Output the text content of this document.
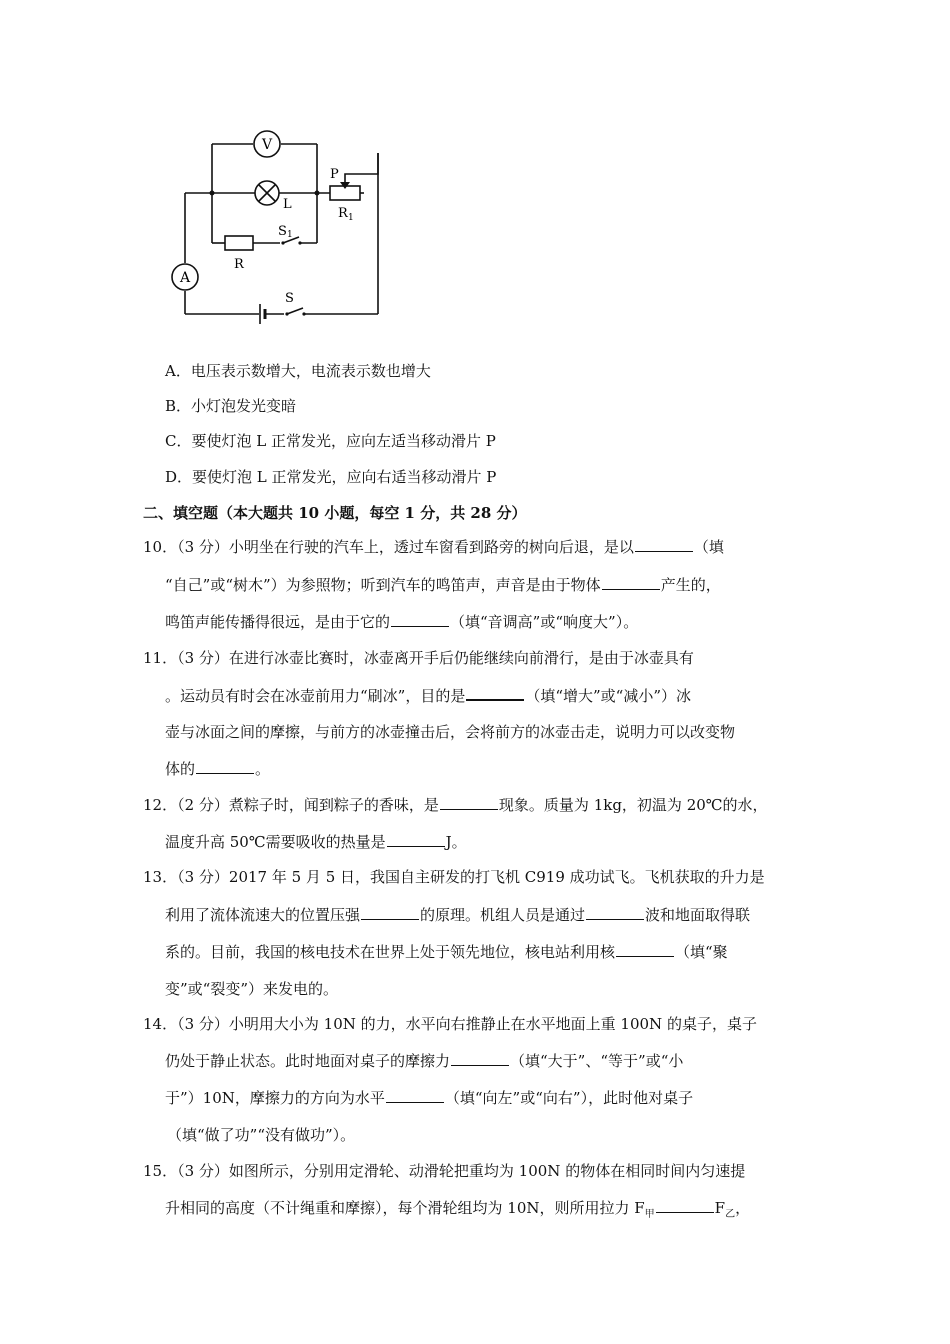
V
A
L
P
R 1
R
S 1
S
A．电压表示数增大，电流表示数也增大
B．小灯泡发光变暗
C．要使灯泡 L 正常发光，应向左适当移动滑片 P
D．要使灯泡 L 正常发光，应向右适当移动滑片 P
二、填空题（本大题共 10 小题，每空 1 分，共 28 分）
10．（3 分）小明坐在行驶的汽车上，透过车窗看到路旁的树向后退，是以	（填
“自己”或“树木”）为参照物；听到汽车的鸣笛声，声音是由于物体	产生的，
鸣笛声能传播得很远，是由于它的	（填“音调高”或“响度大”）。
11．（3 分）在进行冰壶比赛时，冰壶离开手后仍能继续向前滑行，是由于冰壶具有
。运动员有时会在冰壶前用力“刷冰”，目的是	（填“增大”或“减小”）冰
壶与冰面之间的摩擦，与前方的冰壶撞击后，会将前方的冰壶击走，说明力可以改变物
体的	。
12．（2 分）煮粽子时，闻到粽子的香味，是	现象。质量为 1kg，初温为 20℃的水，
温度升高 50℃需要吸收的热量是	J。
13．（3 分）2017 年 5 月 5 日，我国自主研发的打飞机 C919 成功试飞。飞机获取的升力是
利用了流体流速大的位置压强	的原理。机组人员是通过	波和地面取得联
系的。目前，我国的核电技术在世界上处于领先地位，核电站利用核	（填“聚
变”或“裂变”）来发电的。
14．（3 分）小明用大小为 10N 的力，水平向右推静止在水平地面上重 100N 的桌子，桌子
仍处于静止状态。此时地面对桌子的摩擦力	（填“大于”、“等于”或“小
于”）10N，摩擦力的方向为水平	（填“向左”或“向右”），此时他对桌子
（填“做了功”“没有做功”）。
15．（3 分）如图所示，分别用定滑轮、动滑轮把重均为 100N 的物体在相同时间内匀速提
升相同的高度（不计绳重和摩擦），每个滑轮组均为 10N，则所用拉力 $F_甲$	$F_乙$，
